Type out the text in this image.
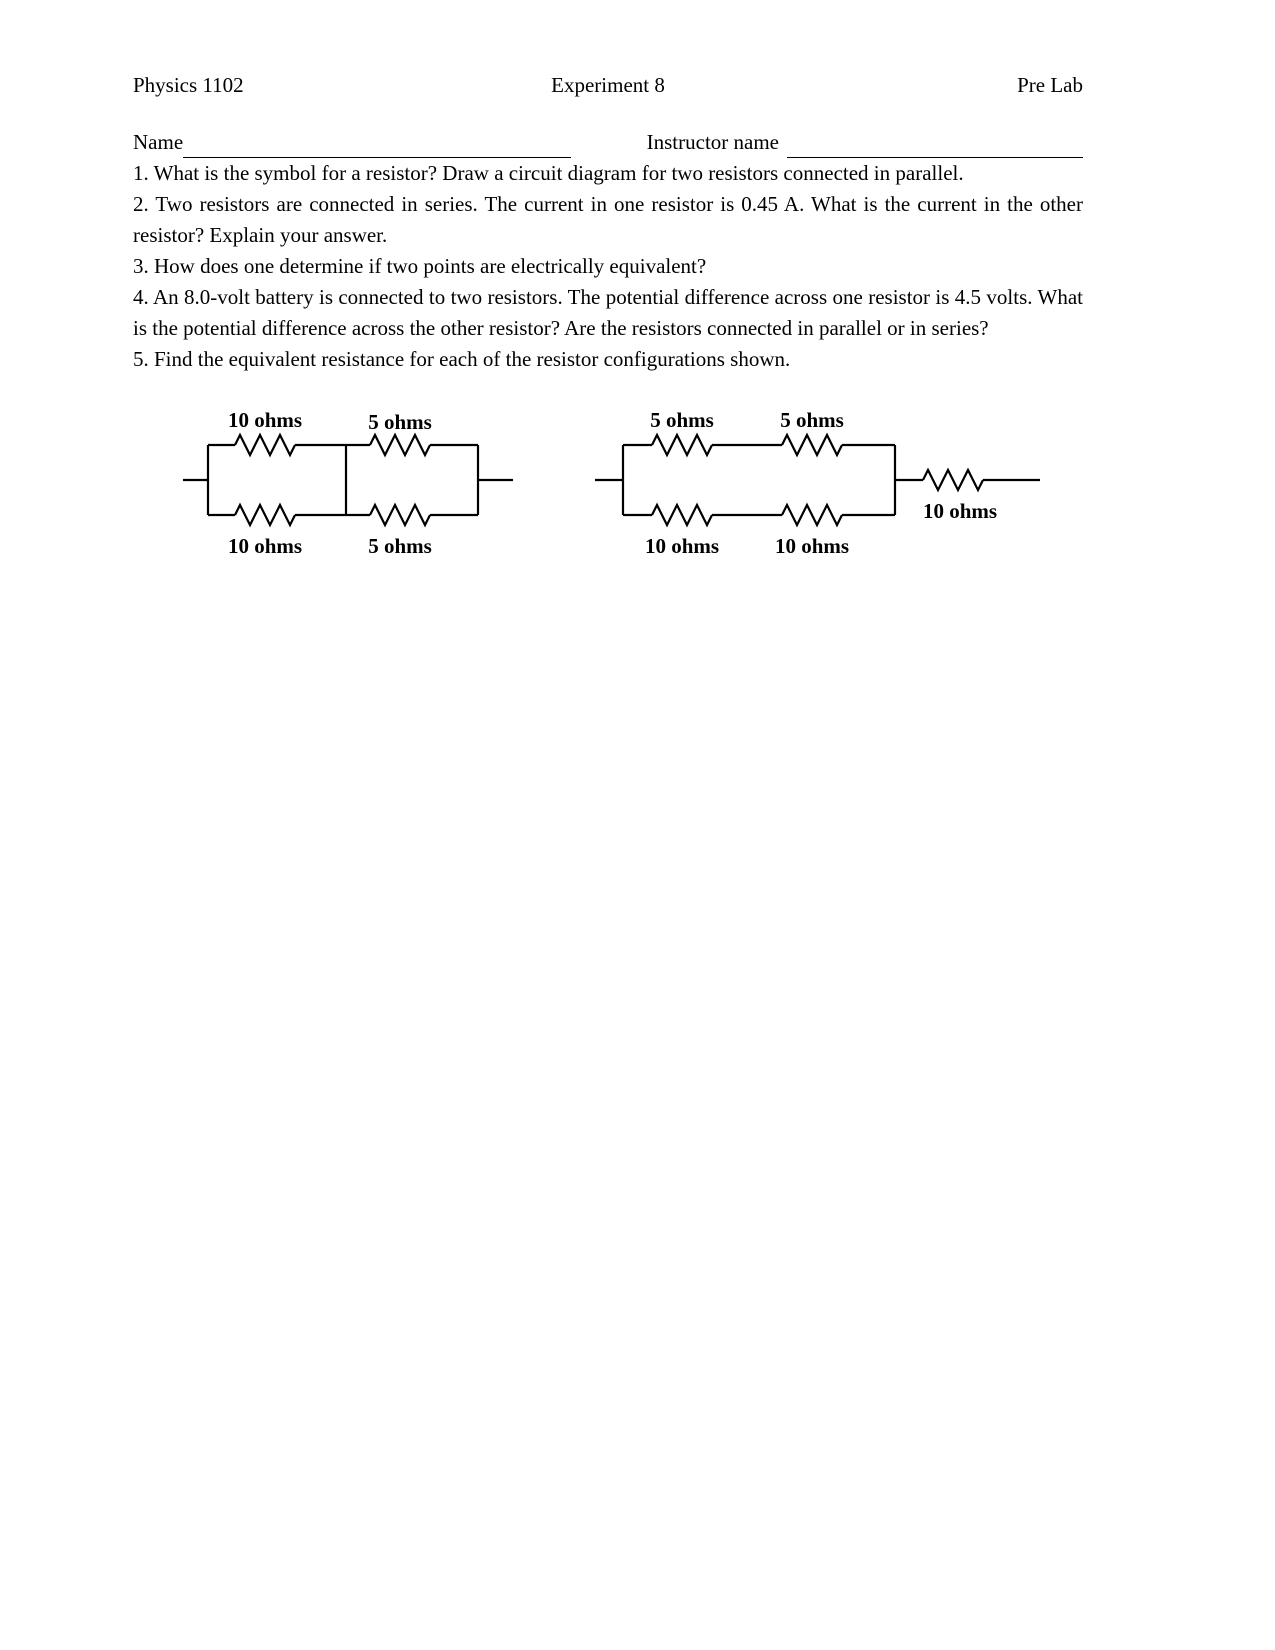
Physics 1102	Experiment 8	Pre Lab
Name	Instructor name

1. What is the symbol for a resistor? Draw a circuit diagram for two resistors connected in parallel.

2. Two resistors are connected in series. The current in one resistor is 0.45 A. What is the current in the other resistor? Explain your answer.

3. How does one determine if two points are electrically equivalent?

4. An 8.0-volt battery is connected to two resistors. The potential difference across one resistor is 4.5 volts. What is the potential difference across the other resistor? Are the resistors connected in parallel or in series?

5. Find the equivalent resistance for each of the resistor configurations shown.

10 ohms	5 ohms
10 ohms	5 ohms
5 ohms	5 ohms
10 ohms	10 ohms
10 ohms
